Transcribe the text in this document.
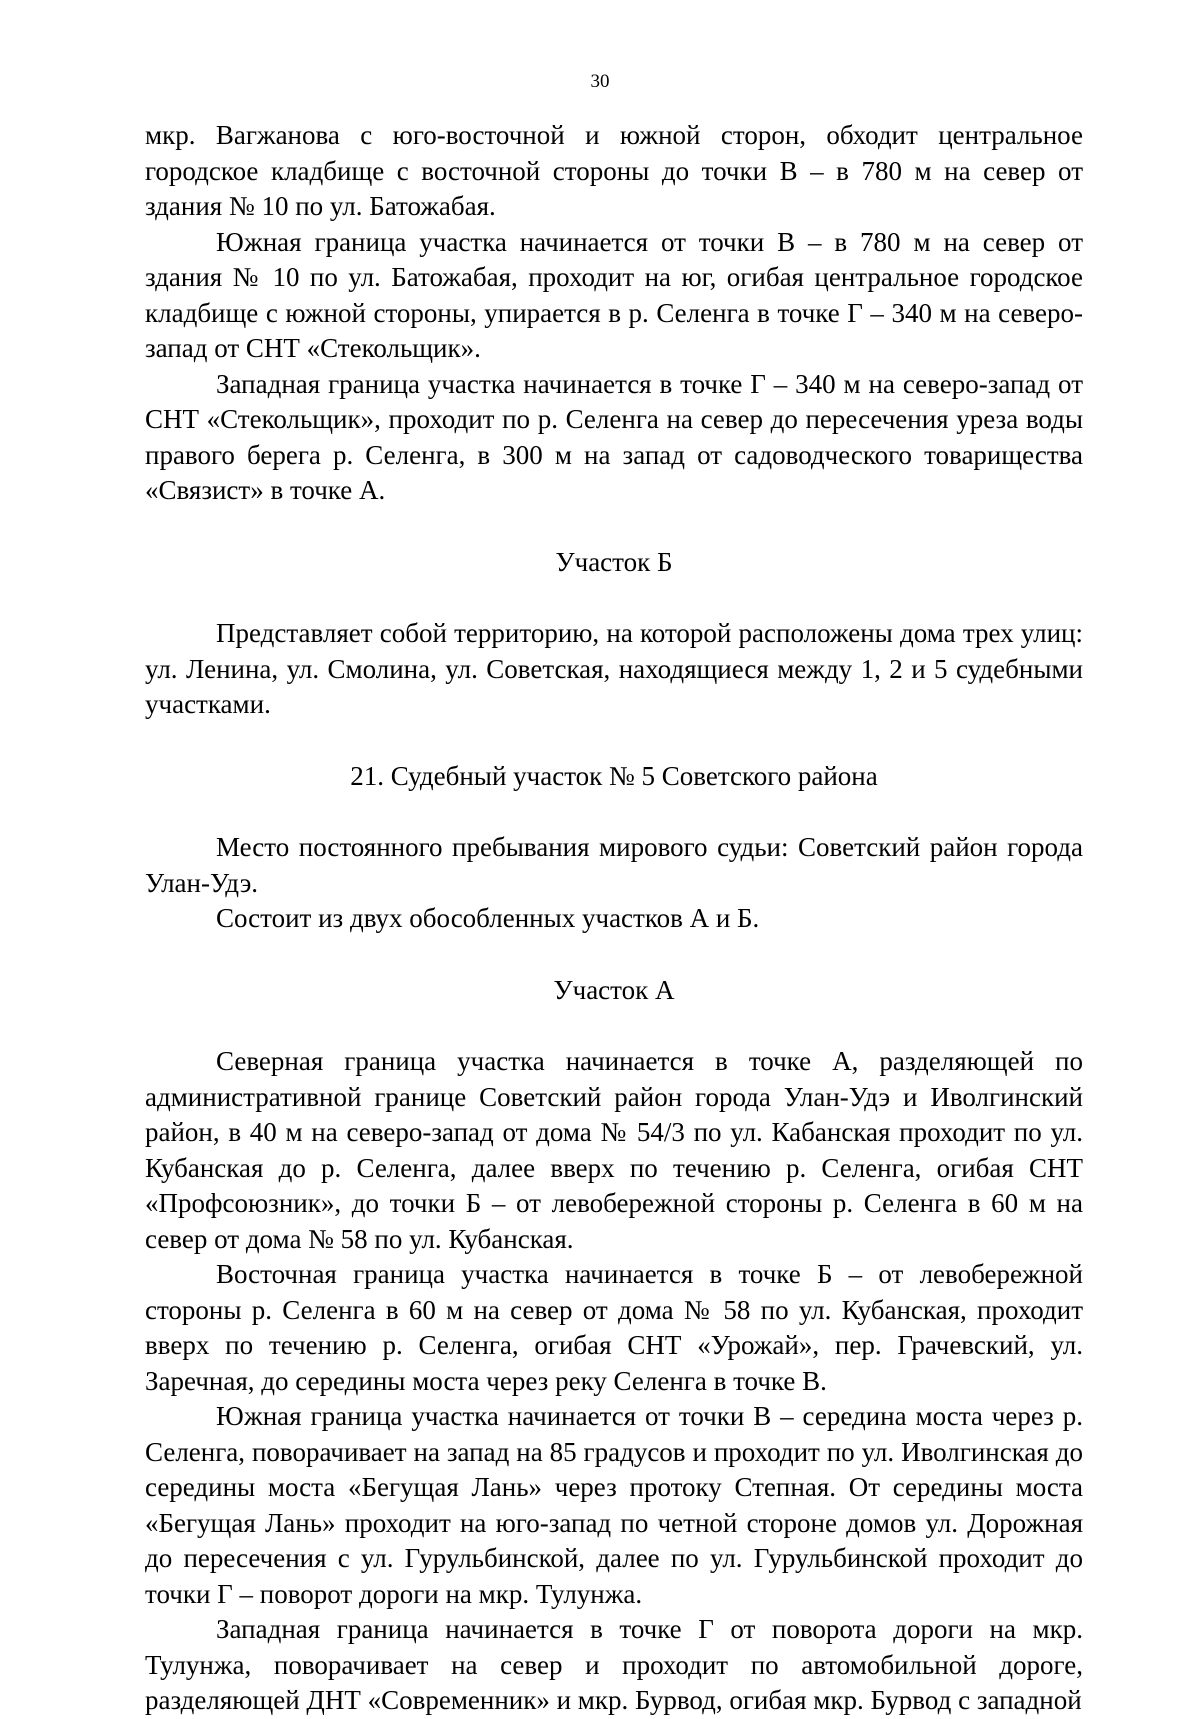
30

мкр. Вагжанова с юго-восточной и южной сторон, обходит центральное городское кладбище с восточной стороны до точки В – в 780 м на север от здания № 10 по ул. Батожабая.

Южная граница участка начинается от точки В – в 780 м на север от здания № 10 по ул. Батожабая, проходит на юг, огибая центральное городское кладбище с южной стороны, упирается в р. Селенга в точке Г – 340 м на северо-запад от СНТ «Стекольщик».

Западная граница участка начинается в точке Г – 340 м на северо-запад от СНТ «Стекольщик», проходит по р. Селенга на север до пересечения уреза воды правого берега р. Селенга, в 300 м на запад от садоводческого товарищества «Связист» в точке А.

Участок Б

Представляет собой территорию, на которой расположены дома трех улиц: ул. Ленина, ул. Смолина, ул. Советская, находящиеся между 1, 2 и 5 судебными участками.

21. Судебный участок № 5 Советского района

Место постоянного пребывания мирового судьи: Советский район города Улан-Удэ.

Состоит из двух обособленных участков А и Б.

Участок А

Северная граница участка начинается в точке А, разделяющей по административной границе Советский район города Улан-Удэ и Иволгинский район, в 40 м на северо-запад от дома № 54/3 по ул. Кабанская проходит по ул. Кубанская до р. Селенга, далее вверх по течению р. Селенга, огибая СНТ «Профсоюзник», до точки Б – от левобережной стороны р. Селенга в 60 м на север от дома № 58 по ул. Кубанская.

Восточная граница участка начинается в точке Б – от левобережной стороны р. Селенга в 60 м на север от дома № 58 по ул. Кубанская, проходит вверх по течению р. Селенга, огибая СНТ «Урожай», пер. Грачевский, ул. Заречная, до середины моста через реку Селенга в точке В.

Южная граница участка начинается от точки В – середина моста через р. Селенга, поворачивает на запад на 85 градусов и проходит по ул. Иволгинская до середины моста «Бегущая Лань» через протоку Степная. От середины моста «Бегущая Лань» проходит на юго-запад по четной стороне домов ул. Дорожная до пересечения с ул. Гурульбинской, далее по ул. Гурульбинской проходит до точки Г – поворот дороги на мкр. Тулунжа.

Западная граница начинается в точке Г от поворота дороги на мкр. Тулунжа, поворачивает на север и проходит по автомобильной дороге, разделяющей ДНТ «Современник» и мкр. Бурвод, огибая мкр. Бурвод с западной
